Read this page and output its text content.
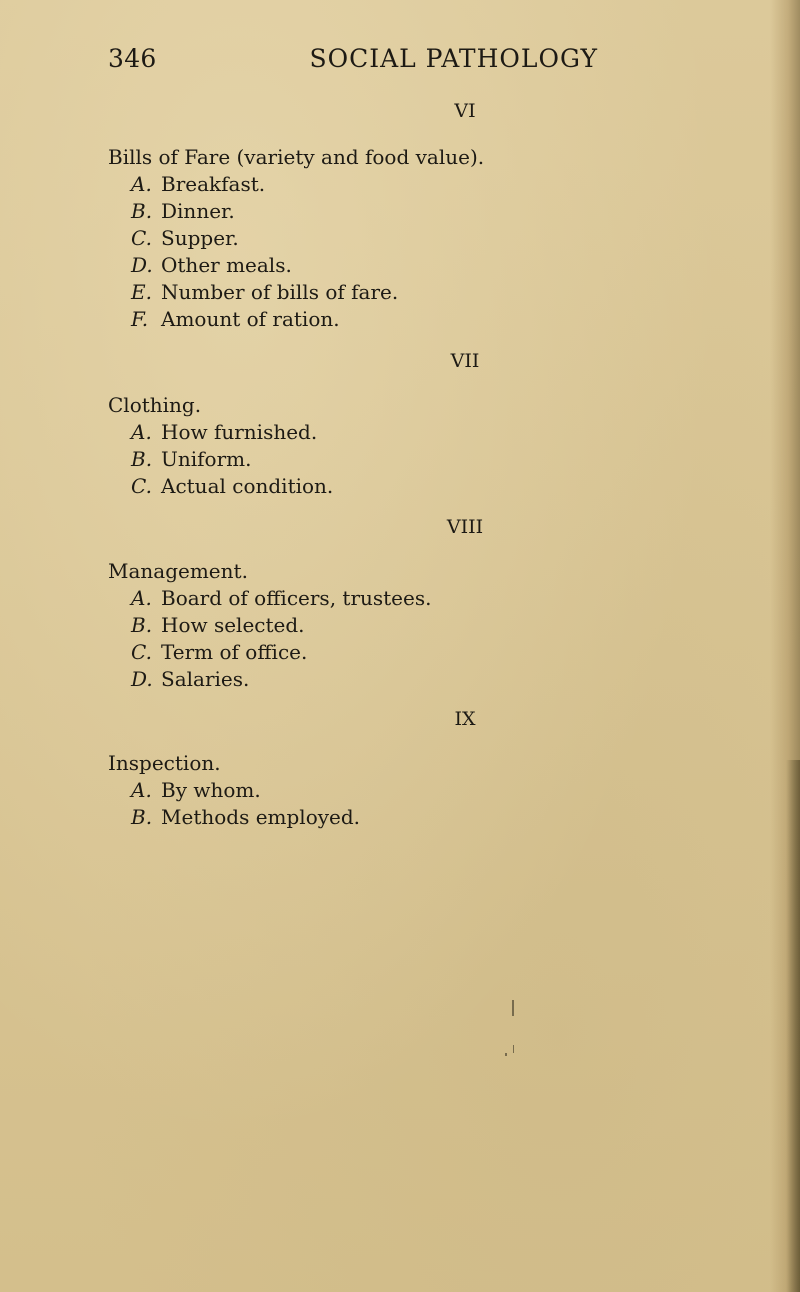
346	SOCIAL PATHOLOGY
VI
Bills of Fare (variety and food value).
A. Breakfast.
B. Dinner.
C. Supper.
D. Other meals.
E. Number of bills of fare.
F. Amount of ration.
VII
Clothing.
A. How furnished.
B. Uniform.
C. Actual condition.
VIII
Management.
A. Board of officers, trustees.
B. How selected.
C. Term of office.
D. Salaries.
IX
Inspection.
A. By whom.
B. Methods employed.
